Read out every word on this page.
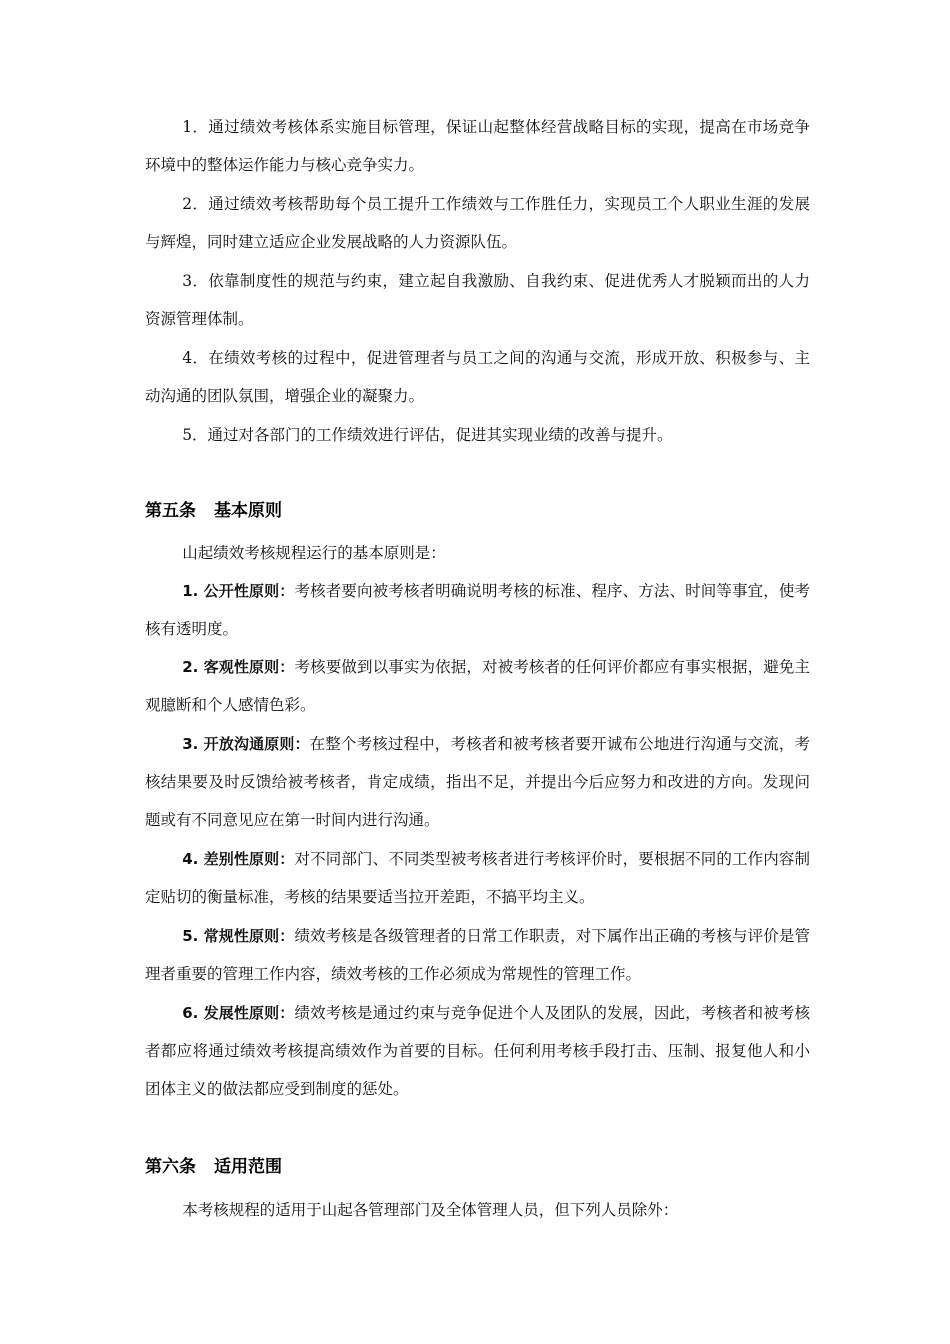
1．通过绩效考核体系实施目标管理，保证山起整体经营战略目标的实现，提高在市场竞争环境中的整体运作能力与核心竞争实力。

2．通过绩效考核帮助每个员工提升工作绩效与工作胜任力，实现员工个人职业生涯的发展与辉煌，同时建立适应企业发展战略的人力资源队伍。

3．依靠制度性的规范与约束，建立起自我激励、自我约束、促进优秀人才脱颖而出的人力资源管理体制。

4．在绩效考核的过程中，促进管理者与员工之间的沟通与交流，形成开放、积极参与、主动沟通的团队氛围，增强企业的凝聚力。

5．通过对各部门的工作绩效进行评估，促进其实现业绩的改善与提升。

第五条 基本原则

山起绩效考核规程运行的基本原则是：

1. 公开性原则：考核者要向被考核者明确说明考核的标准、程序、方法、时间等事宜，使考核有透明度。

2. 客观性原则：考核要做到以事实为依据，对被考核者的任何评价都应有事实根据，避免主观臆断和个人感情色彩。

3. 开放沟通原则：在整个考核过程中，考核者和被考核者要开诚布公地进行沟通与交流，考核结果要及时反馈给被考核者，肯定成绩，指出不足，并提出今后应努力和改进的方向。发现问题或有不同意见应在第一时间内进行沟通。

4. 差别性原则：对不同部门、不同类型被考核者进行考核评价时，要根据不同的工作内容制定贴切的衡量标准，考核的结果要适当拉开差距，不搞平均主义。

5. 常规性原则：绩效考核是各级管理者的日常工作职责，对下属作出正确的考核与评价是管理者重要的管理工作内容，绩效考核的工作必须成为常规性的管理工作。

6. 发展性原则：绩效考核是通过约束与竞争促进个人及团队的发展，因此，考核者和被考核者都应将通过绩效考核提高绩效作为首要的目标。任何利用考核手段打击、压制、报复他人和小团体主义的做法都应受到制度的惩处。

第六条 适用范围

本考核规程的适用于山起各管理部门及全体管理人员，但下列人员除外：
